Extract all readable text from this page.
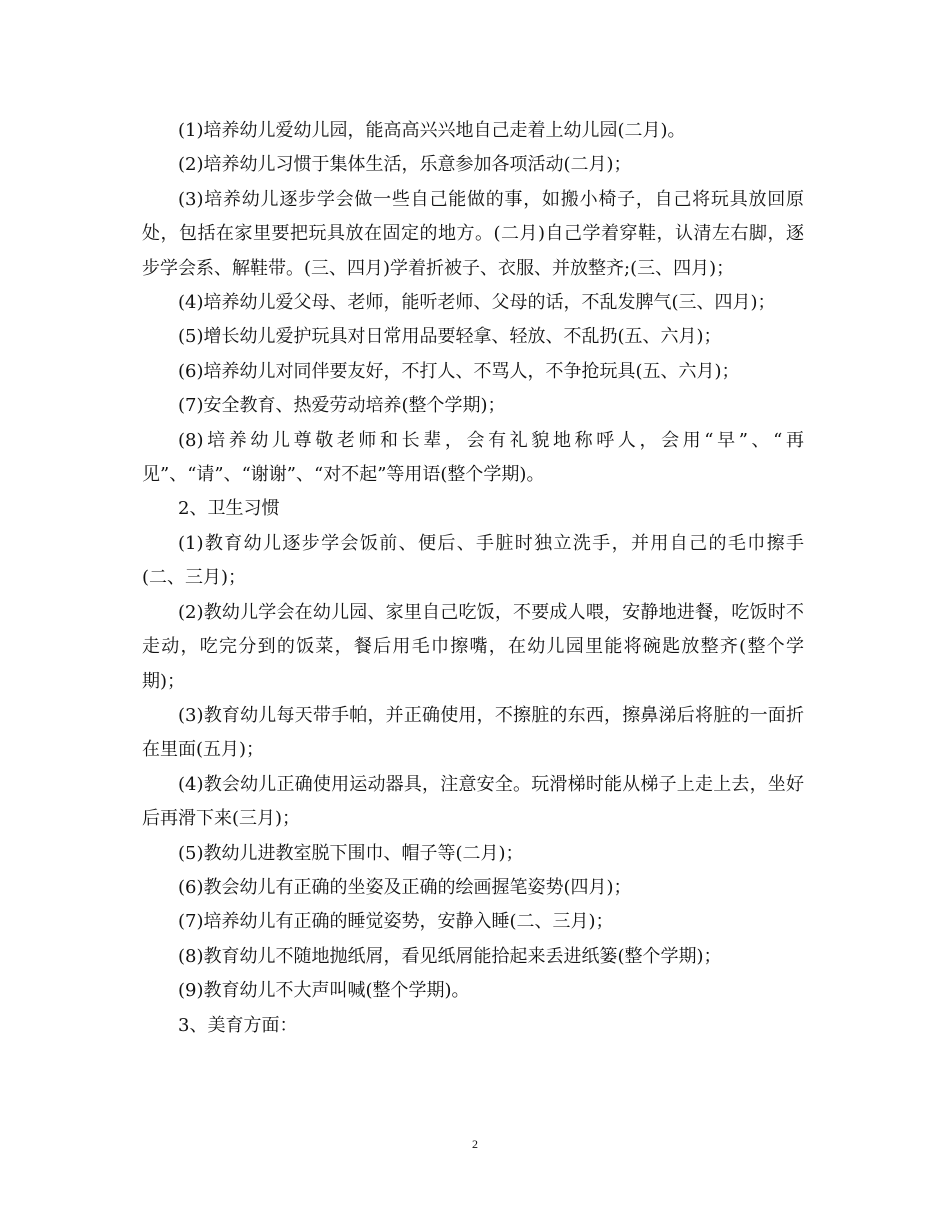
(1)培养幼儿爱幼儿园，能高高兴兴地自己走着上幼儿园(二月)。

(2)培养幼儿习惯于集体生活，乐意参加各项活动(二月)；

(3)培养幼儿逐步学会做一些自己能做的事，如搬小椅子，自己将玩具放回原处，包括在家里要把玩具放在固定的地方。(二月)自己学着穿鞋，认清左右脚，逐步学会系、解鞋带。(三、四月)学着折被子、衣服、并放整齐;(三、四月)；

(4)培养幼儿爱父母、老师，能听老师、父母的话，不乱发脾气(三、四月)；

(5)增长幼儿爱护玩具对日常用品要轻拿、轻放、不乱扔(五、六月)；

(6)培养幼儿对同伴要友好，不打人、不骂人，不争抢玩具(五、六月)；

(7)安全教育、热爱劳动培养(整个学期)；

(8)培养幼儿尊敬老师和长辈，会有礼貌地称呼人，会用“早”、“再见”、“请”、“谢谢”、“对不起”等用语(整个学期)。

2、卫生习惯

(1)教育幼儿逐步学会饭前、便后、手脏时独立洗手，并用自己的毛巾擦手(二、三月)；

(2)教幼儿学会在幼儿园、家里自己吃饭，不要成人喂，安静地进餐，吃饭时不走动，吃完分到的饭菜，餐后用毛巾擦嘴，在幼儿园里能将碗匙放整齐(整个学期)；

(3)教育幼儿每天带手帕，并正确使用，不擦脏的东西，擦鼻涕后将脏的一面折在里面(五月)；

(4)教会幼儿正确使用运动器具，注意安全。玩滑梯时能从梯子上走上去，坐好后再滑下来(三月)；

(5)教幼儿进教室脱下围巾、帽子等(二月)；

(6)教会幼儿有正确的坐姿及正确的绘画握笔姿势(四月)；

(7)培养幼儿有正确的睡觉姿势，安静入睡(二、三月)；

(8)教育幼儿不随地抛纸屑，看见纸屑能拾起来丢进纸篓(整个学期)；

(9)教育幼儿不大声叫喊(整个学期)。

3、美育方面：

2
